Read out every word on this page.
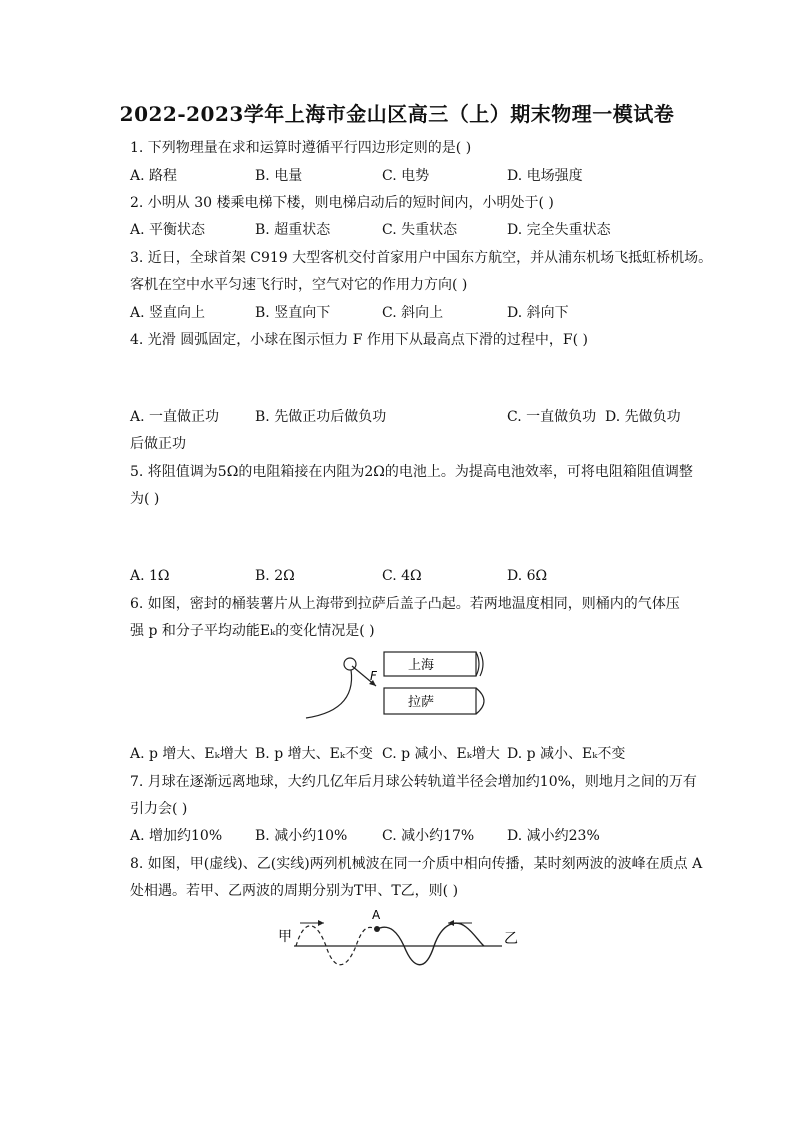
2022-2023学年上海市金山区高三（上）期末物理一模试卷
1. 下列物理量在求和运算时遵循平行四边形定则的是( )
A. 路程	B. 电量	C. 电势	D. 电场强度
2. 小明从 30 楼乘电梯下楼，则电梯启动后的短时间内，小明处于( )
A. 平衡状态	B. 超重状态	C. 失重状态	D. 完全失重状态
3. 近日，全球首架 C919 大型客机交付首家用户中国东方航空，并从浦东机场飞抵虹桥机场。
客机在空中水平匀速飞行时，空气对它的作用力方向( )
A. 竖直向上	B. 竖直向下	C. 斜向上	D. 斜向下
4. 光滑 圆弧固定，小球在图示恒力 F 作用下从最高点下滑的过程中，F( )
A. 一直做正功	B. 先做正功后做负功	C. 一直做负功 D. 先做负功
后做正功
5. 将阻值调为5Ω的电阻箱接在内阻为2Ω的电池上。为提高电池效率，可将电阻箱阻值调整
为( )
A. 1Ω	B. 2Ω	C. 4Ω	D. 6Ω
6. 如图，密封的桶装薯片从上海带到拉萨后盖子凸起。若两地温度相同，则桶内的气体压
强 p 和分子平均动能Eₖ的变化情况是( )
F
上海
拉萨
A. p 增大、Eₖ增大 B. p 增大、Eₖ不变 C. p 减小、Eₖ增大 D. p 减小、Eₖ不变
7. 月球在逐渐远离地球，大约几亿年后月球公转轨道半径会增加约10%，则地月之间的万有
引力会( )
A. 增加约10% B. 减小约10% C. 减小约17% D. 减小约23%
8. 如图，甲(虚线)、乙(实线)两列机械波在同一介质中相向传播，某时刻两波的波峰在质点 A
处相遇。若甲、乙两波的周期分别为T甲、T乙，则( )
甲	乙
A
